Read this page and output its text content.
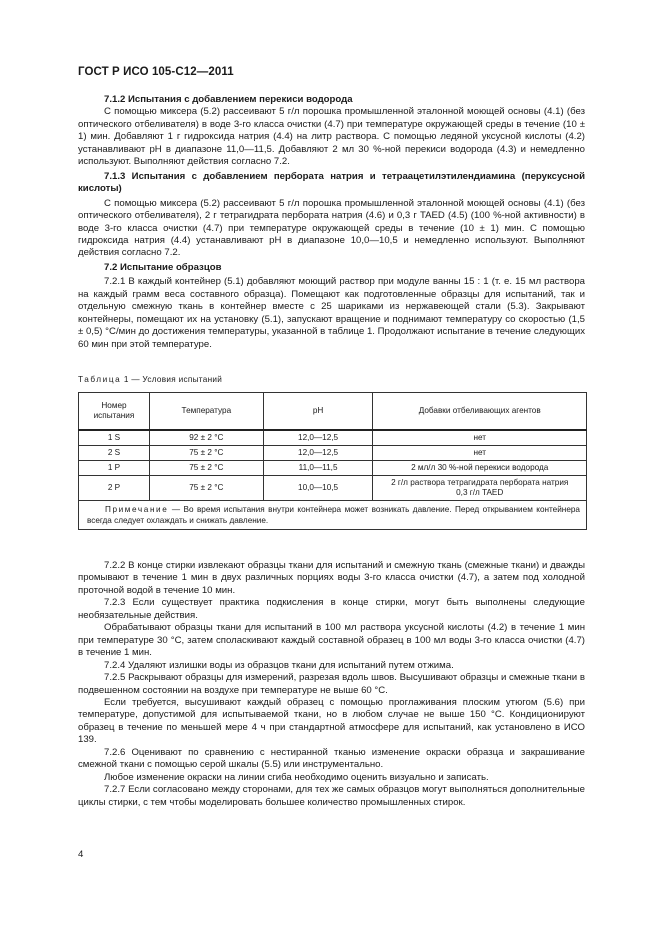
ГОСТ Р ИСО 105-С12—2011

7.1.2 Испытания с добавлением перекиси водорода

С помощью миксера (5.2) рассеивают 5 г/л порошка промышленной эталонной моющей основы (4.1) (без оптического отбеливателя) в воде 3-го класса очистки (4.7) при температуре окружающей среды в течение (10 ± 1) мин. Добавляют 1 г гидроксида натрия (4.4) на литр раствора. С помощью ледяной уксусной кислоты (4.2) устанавливают pH в диапазоне 11,0—11,5. Добавляют 2 мл 30 %-ной перекиси водорода (4.3) и немедленно используют. Выполняют действия согласно 7.2.

7.1.3 Испытания с добавлением пербората натрия и тетраацетилэтилендиамина (перуксусной кислоты)

С помощью миксера (5.2) рассеивают 5 г/л порошка промышленной эталонной моющей основы (4.1) (без оптического отбеливателя), 2 г тетрагидрата пербората натрия (4.6) и 0,3 г TAED (4.5) (100 %-ной активности) в воде 3-го класса очистки (4.7) при температуре окружающей среды в течение (10 ± 1) мин. С помощью гидроксида натрия (4.4) устанавливают pH в диапазоне 10,0—10,5 и немедленно используют. Выполняют действия согласно 7.2.

7.2 Испытание образцов

7.2.1 В каждый контейнер (5.1) добавляют моющий раствор при модуле ванны 15 : 1 (т. е. 15 мл раствора на каждый грамм веса составного образца). Помещают как подготовленные образцы для испытаний, так и отдельную смежную ткань в контейнер вместе с 25 шариками из нержавеющей стали (5.3). Закрывают контейнеры, помещают их на установку (5.1), запускают вращение и поднимают температуру со скоростью (1,5 ± 0,5) °С/мин до достижения температуры, указанной в таблице 1. Продолжают испытание в течение следующих 60 мин при этой температуре.

Таблица 1 — Условия испытаний
Номер испытания	Температура	pH	Добавки отбеливающих агентов
1 S	92 ± 2 °С	12,0—12,5	нет
2 S	75 ± 2 °С	12,0—12,5	нет
1 P	75 ± 2 °С	11,0—11,5	2 мл/л 30 %-ной перекиси водорода
2 P	75 ± 2 °С	10,0—10,5	2 г/л раствора тетрагидрата пербората натрия 0,3 г/л TAED
Примечание — Во время испытания внутри контейнера может возникать давление. Перед открыванием контейнера всегда следует охлаждать и снижать давление.			

7.2.2 В конце стирки извлекают образцы ткани для испытаний и смежную ткань (смежные ткани) и дважды промывают в течение 1 мин в двух различных порциях воды 3-го класса очистки (4.7), а затем под холодной проточной водой в течение 10 мин.

7.2.3 Если существует практика подкисления в конце стирки, могут быть выполнены следующие необязательные действия.

Обрабатывают образцы ткани для испытаний в 100 мл раствора уксусной кислоты (4.2) в течение 1 мин при температуре 30 °С, затем споласкивают каждый составной образец в 100 мл воды 3-го класса очистки (4.7) в течение 1 мин.

7.2.4 Удаляют излишки воды из образцов ткани для испытаний путем отжима.

7.2.5 Раскрывают образцы для измерений, разрезая вдоль швов. Высушивают образцы и смежные ткани в подвешенном состоянии на воздухе при температуре не выше 60 °С.

Если требуется, высушивают каждый образец с помощью проглаживания плоским утюгом (5.6) при температуре, допустимой для испытываемой ткани, но в любом случае не выше 150 °С. Кондиционируют образец в течение по меньшей мере 4 ч при стандартной атмосфере для испытаний, как установлено в ИСО 139.

7.2.6 Оценивают по сравнению с нестиранной тканью изменение окраски образца и закрашивание смежной ткани с помощью серой шкалы (5.5) или инструментально.

Любое изменение окраски на линии сгиба необходимо оценить визуально и записать.

7.2.7 Если согласовано между сторонами, для тех же самых образцов могут выполняться дополнительные циклы стирки, с тем чтобы моделировать большее количество промышленных стирок.

4
